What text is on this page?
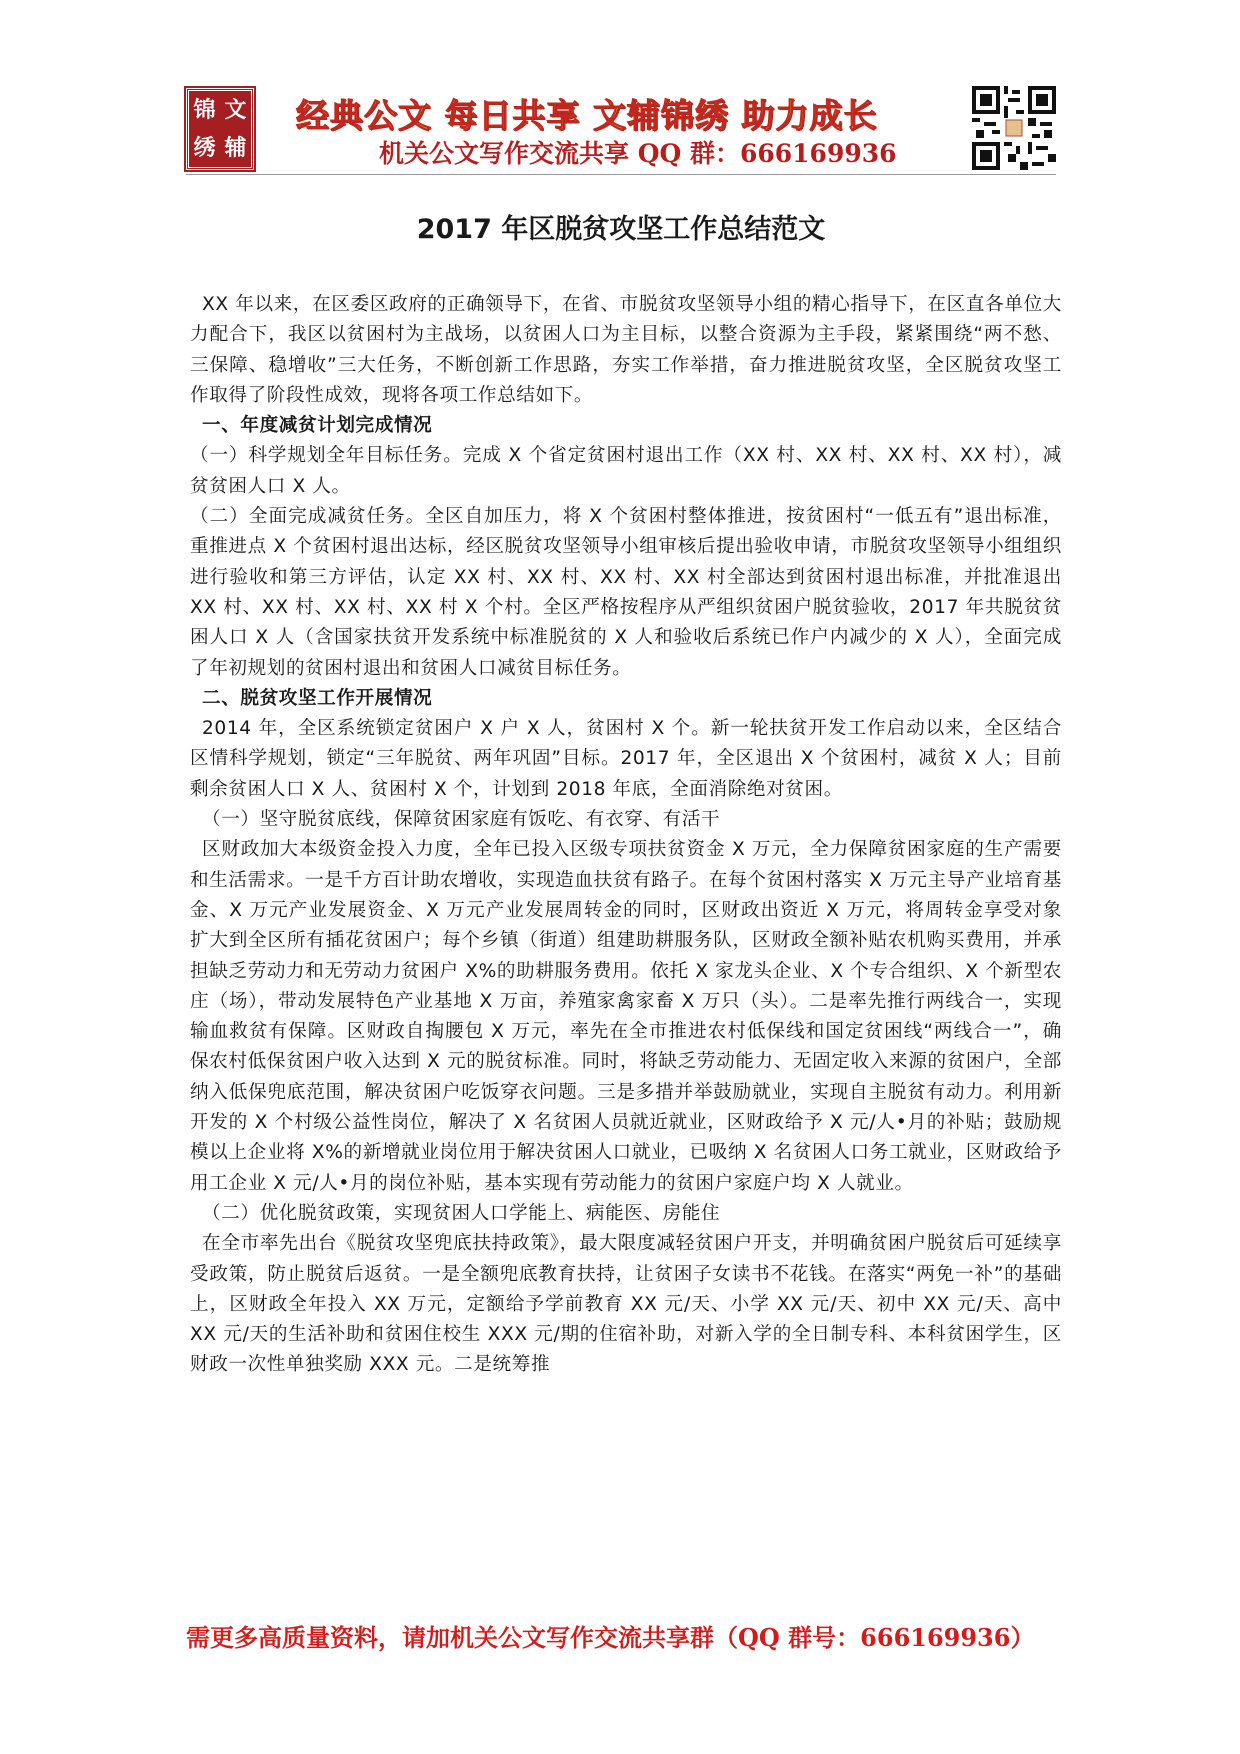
锦 文
绣 辅
经典公文 每日共享 文辅锦绣 助力成长
机关公文写作交流共享 QQ 群：666169936
2017 年区脱贫攻坚工作总结范文

XX 年以来，在区委区政府的正确领导下，在省、市脱贫攻坚领导小组的精心指导下，在区直各单位大力配合下，我区以贫困村为主战场，以贫困人口为主目标，以整合资源为主手段，紧紧围绕“两不愁、三保障、稳增收”三大任务，不断创新工作思路，夯实工作举措，奋力推进脱贫攻坚，全区脱贫攻坚工作取得了阶段性成效，现将各项工作总结如下。

一、年度减贫计划完成情况

（一）科学规划全年目标任务。完成 X 个省定贫困村退出工作（XX 村、XX 村、XX 村、XX 村），减贫贫困人口 X 人。

（二）全面完成减贫任务。全区自加压力，将 X 个贫困村整体推进，按贫困村“一低五有”退出标准，重推进点 X 个贫困村退出达标，经区脱贫攻坚领导小组审核后提出验收申请，市脱贫攻坚领导小组组织进行验收和第三方评估，认定 XX 村、XX 村、XX 村、XX 村全部达到贫困村退出标准，并批准退出 XX 村、XX 村、XX 村、XX 村 X 个村。全区严格按程序从严组织贫困户脱贫验收，2017 年共脱贫贫困人口 X 人（含国家扶贫开发系统中标准脱贫的 X 人和验收后系统已作户内减少的 X 人），全面完成了年初规划的贫困村退出和贫困人口减贫目标任务。

二、脱贫攻坚工作开展情况

2014 年，全区系统锁定贫困户 X 户 X 人，贫困村 X 个。新一轮扶贫开发工作启动以来，全区结合区情科学规划，锁定“三年脱贫、两年巩固”目标。2017 年，全区退出 X 个贫困村，减贫 X 人；目前剩余贫困人口 X 人、贫困村 X 个，计划到 2018 年底，全面消除绝对贫困。

（一）坚守脱贫底线，保障贫困家庭有饭吃、有衣穿、有活干

区财政加大本级资金投入力度，全年已投入区级专项扶贫资金 X 万元，全力保障贫困家庭的生产需要和生活需求。一是千方百计助农增收，实现造血扶贫有路子。在每个贫困村落实 X 万元主导产业培育基金、X 万元产业发展资金、X 万元产业发展周转金的同时，区财政出资近 X 万元，将周转金享受对象扩大到全区所有插花贫困户；每个乡镇（街道）组建助耕服务队，区财政全额补贴农机购买费用，并承担缺乏劳动力和无劳动力贫困户 X%的助耕服务费用。依托 X 家龙头企业、X 个专合组织、X 个新型农庄（场），带动发展特色产业基地 X 万亩，养殖家禽家畜 X 万只（头）。二是率先推行两线合一，实现输血救贫有保障。区财政自掏腰包 X 万元，率先在全市推进农村低保线和国定贫困线“两线合一”，确保农村低保贫困户收入达到 X 元的脱贫标准。同时，将缺乏劳动能力、无固定收入来源的贫困户，全部纳入低保兜底范围，解决贫困户吃饭穿衣问题。三是多措并举鼓励就业，实现自主脱贫有动力。利用新开发的 X 个村级公益性岗位，解决了 X 名贫困人员就近就业，区财政给予 X 元/人•月的补贴；鼓励规模以上企业将 X%的新增就业岗位用于解决贫困人口就业，已吸纳 X 名贫困人口务工就业，区财政给予用工企业 X 元/人•月的岗位补贴，基本实现有劳动能力的贫困户家庭户均 X 人就业。

（二）优化脱贫政策，实现贫困人口学能上、病能医、房能住

在全市率先出台《脱贫攻坚兜底扶持政策》，最大限度减轻贫困户开支，并明确贫困户脱贫后可延续享受政策，防止脱贫后返贫。一是全额兜底教育扶持，让贫困子女读书不花钱。在落实“两免一补”的基础上，区财政全年投入 XX 万元，定额给予学前教育 XX 元/天、小学 XX 元/天、初中 XX 元/天、高中 XX 元/天的生活补助和贫困住校生 XXX 元/期的住宿补助，对新入学的全日制专科、本科贫困学生，区财政一次性单独奖励 XXX 元。二是统筹推

需更多高质量资料，请加机关公文写作交流共享群（QQ 群号：666169936）
